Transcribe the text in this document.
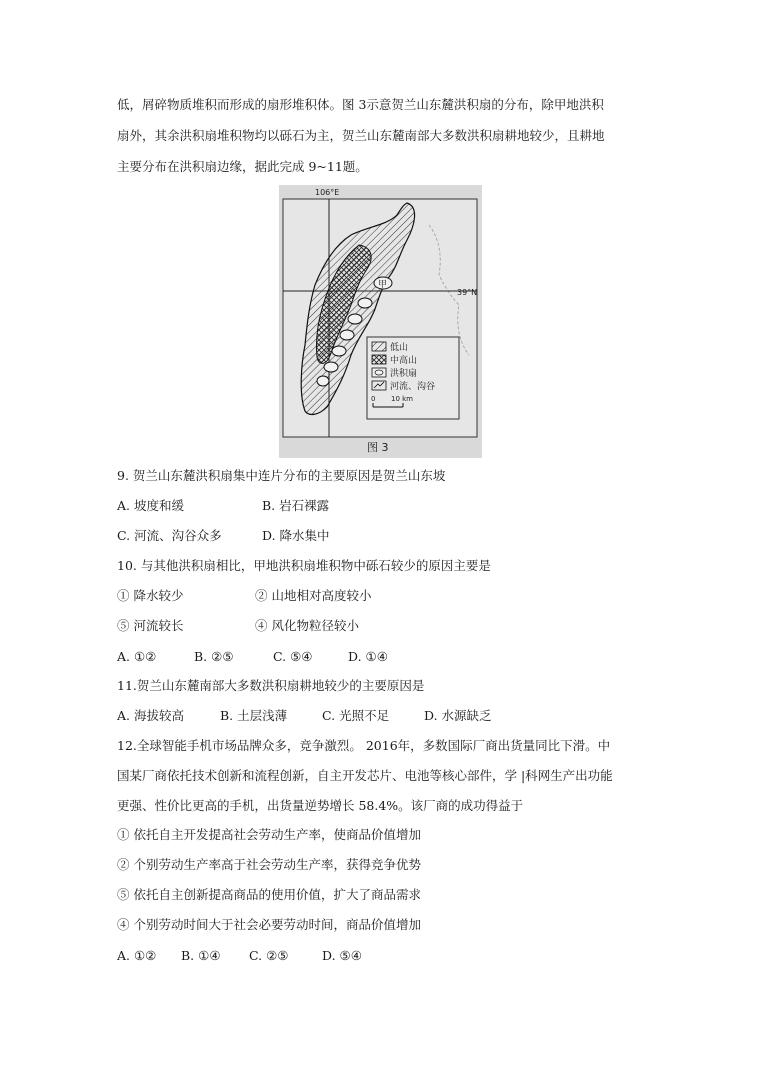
低，屑碎物质堆积而形成的扇形堆积体。图 3示意贺兰山东麓洪积扇的分布，除甲地洪积
扇外，其余洪积扇堆积物均以砾石为主，贺兰山东麓南部大多数洪积扇耕地较少，且耕地
主要分布在洪积扇边缘，据此完成 9~11题。
106°E
39°N
甲
低山
中高山
洪积扇
河流、沟谷
0 10 km
图 3
9. 贺兰山东麓洪积扇集中连片分布的主要原因是贺兰山东坡
A. 坡度和缓	B. 岩石裸露
C. 河流、沟谷众多	D. 降水集中
10. 与其他洪积扇相比，甲地洪积扇堆积物中砾石较少的原因主要是
① 降水较少	② 山地相对高度较小
⑤ 河流较长	④ 风化物粒径较小
A. ①②	B. ②⑤	C. ⑤④	D. ①④
11.贺兰山东麓南部大多数洪积扇耕地较少的主要原因是
A. 海拔较高	B. 土层浅薄	C. 光照不足	D. 水源缺乏
12.全球智能手机市场品牌众多，竞争激烈。 2016年，多数国际厂商出货量同比下滑。中
国某厂商依托技术创新和流程创新，自主开发芯片、电池等核心部件，学 |科网生产出功能
更强、性价比更高的手机，出货量逆势增长 58.4%。该厂商的成功得益于
① 依托自主开发提高社会劳动生产率，使商品价值增加
② 个别劳动生产率高于社会劳动生产率，获得竞争优势
⑤ 依托自主创新提高商品的使用价值，扩大了商品需求
④ 个别劳动时间大于社会必要劳动时间，商品价值增加
A. ①② B. ①④ C. ②⑤	D. ⑤④
